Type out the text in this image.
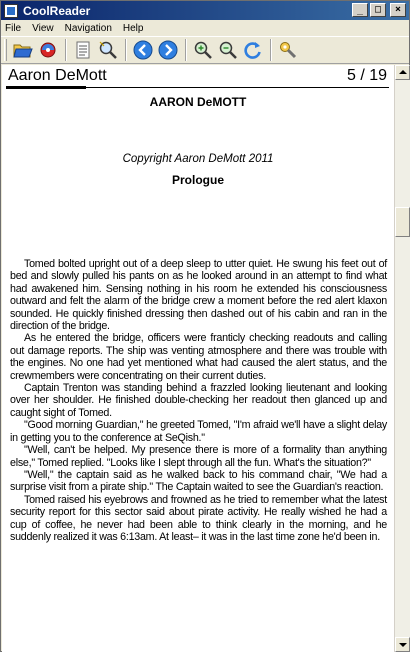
CoolReader	_	□	×
File View Navigation Help
Aaron DeMott	5 / 19
AARON DeMOTT
Copyright Aaron DeMott 2011
Prologue

Tomed bolted upright out of a deep sleep to utter quiet. He swung his feet out of bed and slowly pulled his pants on as he looked around in an attempt to find what had awakened him. Sensing nothing in his room he extended his consciousness outward and felt the alarm of the bridge crew a moment before the red alert klaxon sounded. He quickly finished dressing then dashed out of his cabin and ran in the direction of the bridge.

As he entered the bridge, officers were franticly checking readouts and calling out damage reports. The ship was venting atmosphere and there was trouble with the engines. No one had yet mentioned what had caused the alert status, and the crewmembers were concentrating on their current duties.

Captain Trenton was standing behind a frazzled looking lieutenant and looking over her shoulder. He finished double-checking her readout then glanced up and caught sight of Tomed.

"Good morning Guardian," he greeted Tomed, "I'm afraid we'll have a slight delay in getting you to the conference at SeQish."

"Well, can't be helped. My presence there is more of a formality than anything else," Tomed replied. "Looks like I slept through all the fun. What's the situation?"

"Well," the captain said as he walked back to his command chair, "We had a surprise visit from a pirate ship." The Captain waited to see the Guardian's reaction.

Tomed raised his eyebrows and frowned as he tried to remember what the latest security report for this sector said about pirate activity. He really wished he had a cup of coffee, he never had been able to think clearly in the morning, and he suddenly realized it was 6:13am. At least– it was in the last time zone he'd been in.
